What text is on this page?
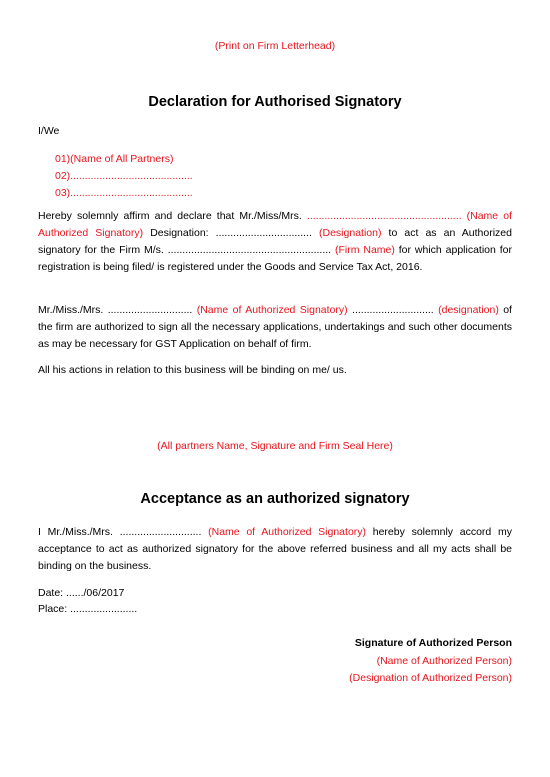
(Print on Firm Letterhead)
Declaration for Authorised Signatory
I/We
01)(Name of All Partners)
02)..........................................
03)..........................................
Hereby solemnly affirm and declare that Mr./Miss/Mrs. ..................................................... (Name of Authorized Signatory) Designation: ................................. (Designation) to act as an Authorized signatory for the Firm M/s. ........................................................ (Firm Name) for which application for registration is being filed/ is registered under the Goods and Service Tax Act, 2016.
Mr./Miss./Mrs. ............................. (Name of Authorized Signatory) ............................ (designation) of the firm are authorized to sign all the necessary applications, undertakings and such other documents as may be necessary for GST Application on behalf of firm.
All his actions in relation to this business will be binding on me/ us.
(All partners Name, Signature and Firm Seal Here)
Acceptance as an authorized signatory
I Mr./Miss./Mrs. ............................ (Name of Authorized Signatory) hereby solemnly accord my acceptance to act as authorized signatory for the above referred business and all my acts shall be binding on the business.
Date: ....../06/2017
Place: .......................
Signature of Authorized Person
(Name of Authorized Person)
(Designation of Authorized Person)
